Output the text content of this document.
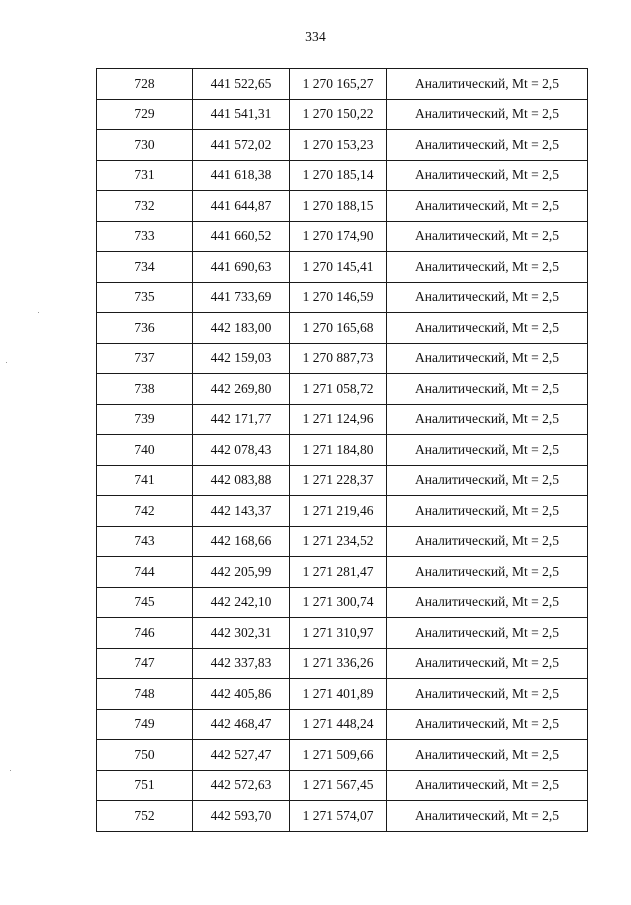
334
728	441 522,65	1 270 165,27	Аналитический, Mt = 2,5
729	441 541,31	1 270 150,22	Аналитический, Mt = 2,5
730	441 572,02	1 270 153,23	Аналитический, Mt = 2,5
731	441 618,38	1 270 185,14	Аналитический, Mt = 2,5
732	441 644,87	1 270 188,15	Аналитический, Mt = 2,5
733	441 660,52	1 270 174,90	Аналитический, Mt = 2,5
734	441 690,63	1 270 145,41	Аналитический, Mt = 2,5
735	441 733,69	1 270 146,59	Аналитический, Mt = 2,5
736	442 183,00	1 270 165,68	Аналитический, Mt = 2,5
737	442 159,03	1 270 887,73	Аналитический, Mt = 2,5
738	442 269,80	1 271 058,72	Аналитический, Mt = 2,5
739	442 171,77	1 271 124,96	Аналитический, Mt = 2,5
740	442 078,43	1 271 184,80	Аналитический, Mt = 2,5
741	442 083,88	1 271 228,37	Аналитический, Mt = 2,5
742	442 143,37	1 271 219,46	Аналитический, Mt = 2,5
743	442 168,66	1 271 234,52	Аналитический, Mt = 2,5
744	442 205,99	1 271 281,47	Аналитический, Mt = 2,5
745	442 242,10	1 271 300,74	Аналитический, Mt = 2,5
746	442 302,31	1 271 310,97	Аналитический, Mt = 2,5
747	442 337,83	1 271 336,26	Аналитический, Mt = 2,5
748	442 405,86	1 271 401,89	Аналитический, Mt = 2,5
749	442 468,47	1 271 448,24	Аналитический, Mt = 2,5
750	442 527,47	1 271 509,66	Аналитический, Mt = 2,5
751	442 572,63	1 271 567,45	Аналитический, Mt = 2,5
752	442 593,70	1 271 574,07	Аналитический, Mt = 2,5
